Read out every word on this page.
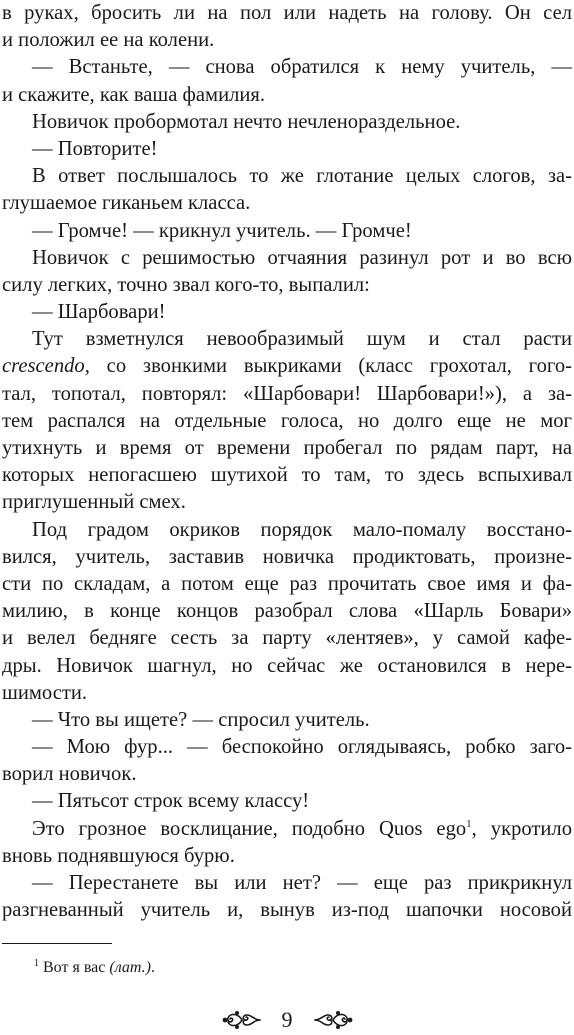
в руках, бросить ли на пол или надеть на голову. Он сел
и положил ее на колени.
— Встаньте, — снова обратился к нему учитель, —
и скажите, как ваша фамилия.
Новичок пробормотал нечто нечленораздельное.
— Повторите!
В ответ послышалось то же глотание целых слогов, за-
глушаемое гиканьем класса.
— Громче! — крикнул учитель. — Громче!
Новичок с решимостью отчаяния разинул рот и во всю
силу легких, точно звал кого-то, выпалил:
— Шарбовари!
Тут взметнулся невообразимый шум и стал расти
crescendo, со звонкими выкриками (класс грохотал, гого-
тал, топотал, повторял: «Шарбовари! Шарбовари!»), а за-
тем распался на отдельные голоса, но долго еще не мог
утихнуть и время от времени пробегал по рядам парт, на
которых непогасшею шутихой то там, то здесь вспыхивал
приглушенный смех.
Под градом окриков порядок мало-помалу восстано-
вился, учитель, заставив новичка продиктовать, произне-
сти по складам, а потом еще раз прочитать свое имя и фа-
милию, в конце концов разобрал слова «Шарль Бовари»
и велел бедняге сесть за парту «лентяев», у самой кафе-
дры. Новичок шагнул, но сейчас же остановился в нере-
шимости.
— Что вы ищете? — спросил учитель.
— Мою фур... — беспокойно оглядываясь, робко заго-
ворил новичок.
— Пятьсот строк всему классу!
Это грозное восклицание, подобно Quos ego$^1$, укротило
вновь поднявшуюся бурю.
— Перестанете вы или нет? — еще раз прикрикнул
разгневанный учитель и, вынув из-под шапочки носовой
$^1$ Вот я вас (лат.).
9
